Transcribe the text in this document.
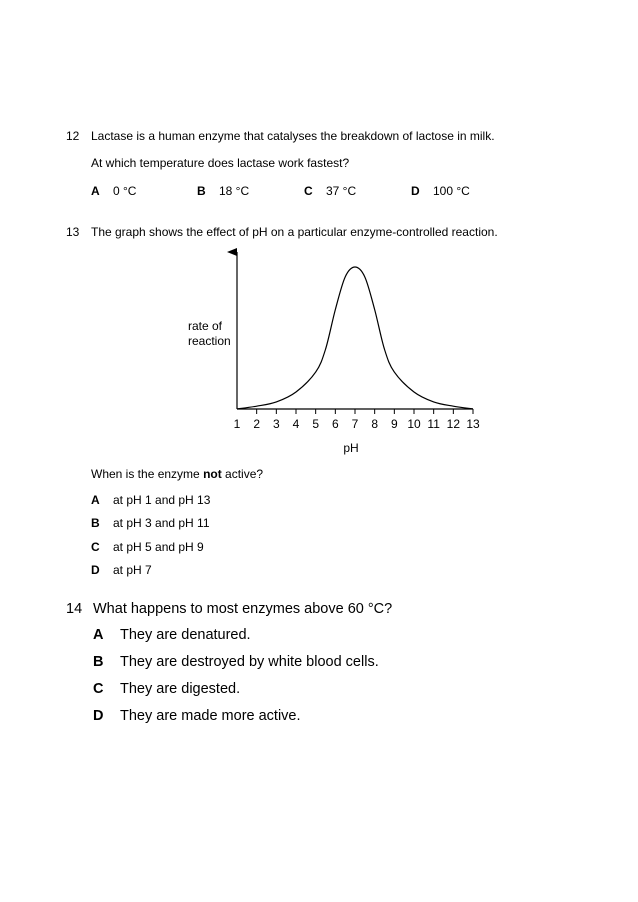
12 Lactase is a human enzyme that catalyses the breakdown of lactose in milk.
At which temperature does lactase work fastest?
A 0 °C	B 18 °C	C 37 °C	D 100 °C
13 The graph shows the effect of pH on a particular enzyme-controlled reaction.
1 2 3 4 5 6 7 8 9 10 11 12 13
rate of
reaction
pH
When is the enzyme not active?
A at pH 1 and pH 13
B at pH 3 and pH 11
C at pH 5 and pH 9
D at pH 7
14 What happens to most enzymes above 60 °C?
A They are denatured.
B They are destroyed by white blood cells.
C They are digested.
D They are made more active.
